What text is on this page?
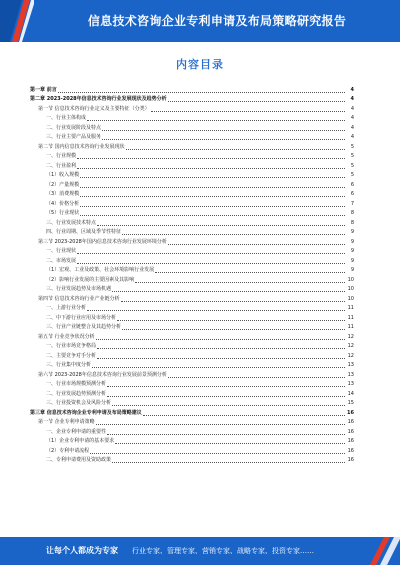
信息技术咨询企业专利申请及布局策略研究报告
内容目录
第一章 前言	4
第二章 2023-2028年信息技术咨询行业发展现状及趋势分析	4
第一节 信息技术咨询行业定义及主要特征（分类）	4
一、行业主体构成	4
二、行业发展阶段及特点	4
三、行业主要产品及服务	4
第二节 国内信息技术咨询行业发展现状	5
一、行业规模	5
二、行业盈利	5
（1）收入规模	5
（2）产量规模	6
（3）消费规模	6
（4）价格分析	7
（5）行业现状	8
三、行业发展技术特点	8
四、行业周期、区域及季节性特征	9
第三节 2023-2028年国内信息技术咨询行业发展环境分析	9
一、行业现状	9
二、市场发展	9
（1）宏观、工业及政策、社会环境影响行业发展	9
（2）影响行业发展的主要因素及其影响	10
三、行业发展趋势及市场机遇	10
第四节 信息技术咨询行业产业链分析	10
一、上游行业分析	11
二、中下游行业应用及市场分析	11
三、行业产业链整合及其趋势分析	11
第五节 行业竞争状况分析	12
一、行业市场竞争格局	12
二、主要竞争对手分析	12
三、行业集中度分析	13
第六节 2023-2028年信息技术咨询行业发展前景预测分析	13
一、行业市场规模预测分析	13
二、行业发展趋势预测分析	14
三、行业投资机会及风险分析	15
第三章 信息技术咨询企业专利申请及布局策略建议	16
第一节 企业专利申请策略	16
一、企业专利申请的重要性	16
（1）企业专利申请的基本要求	16
（2）专利申请流程	16
二、专利申请费用及资助政策	16
让每个人都成为专家 行业专家、管理专家、营销专家、战略专家、投资专家……
